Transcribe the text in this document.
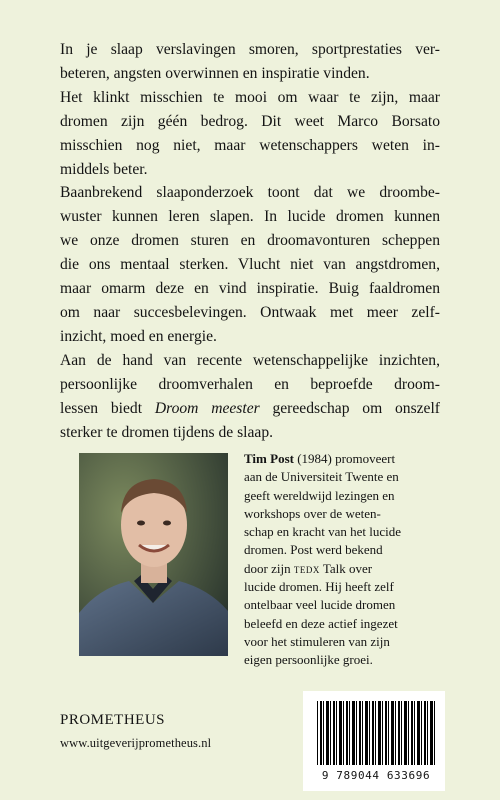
In je slaap verslavingen smoren, sportprestaties ver-
beteren, angsten overwinnen en inspiratie vinden.

Het klinkt misschien te mooi om waar te zijn, maar
dromen zijn géén bedrog. Dit weet Marco Borsato
misschien nog niet, maar wetenschappers weten in-
middels beter.

Baanbrekend slaaponderzoek toont dat we droombe-
wuster kunnen leren slapen. In lucide dromen kunnen
we onze dromen sturen en droomavonturen scheppen
die ons mentaal sterken. Vlucht niet van angstdromen,
maar omarm deze en vind inspiratie. Buig faaldromen
om naar succesbelevingen. Ontwaak met meer zelf-
inzicht, moed en energie.

Aan de hand van recente wetenschappelijke inzichten,
persoonlijke droomverhalen en beproefde droom-
lessen biedt Droom meester gereedschap om onszelf
sterker te dromen tijdens de slaap.

Tim Post (1984) promoveert
aan de Universiteit Twente en
geeft wereldwijd lezingen en
workshops over de weten-
schap en kracht van het lucide
dromen. Post werd bekend
door zijn tedx Talk over
lucide dromen. Hij heeft zelf
ontelbaar veel lucide dromen
beleefd en deze actief ingezet
voor het stimuleren van zijn
eigen persoonlijke groei.

PROMETHEUS
www.uitgeverijprometheus.nl
9 789044 633696
